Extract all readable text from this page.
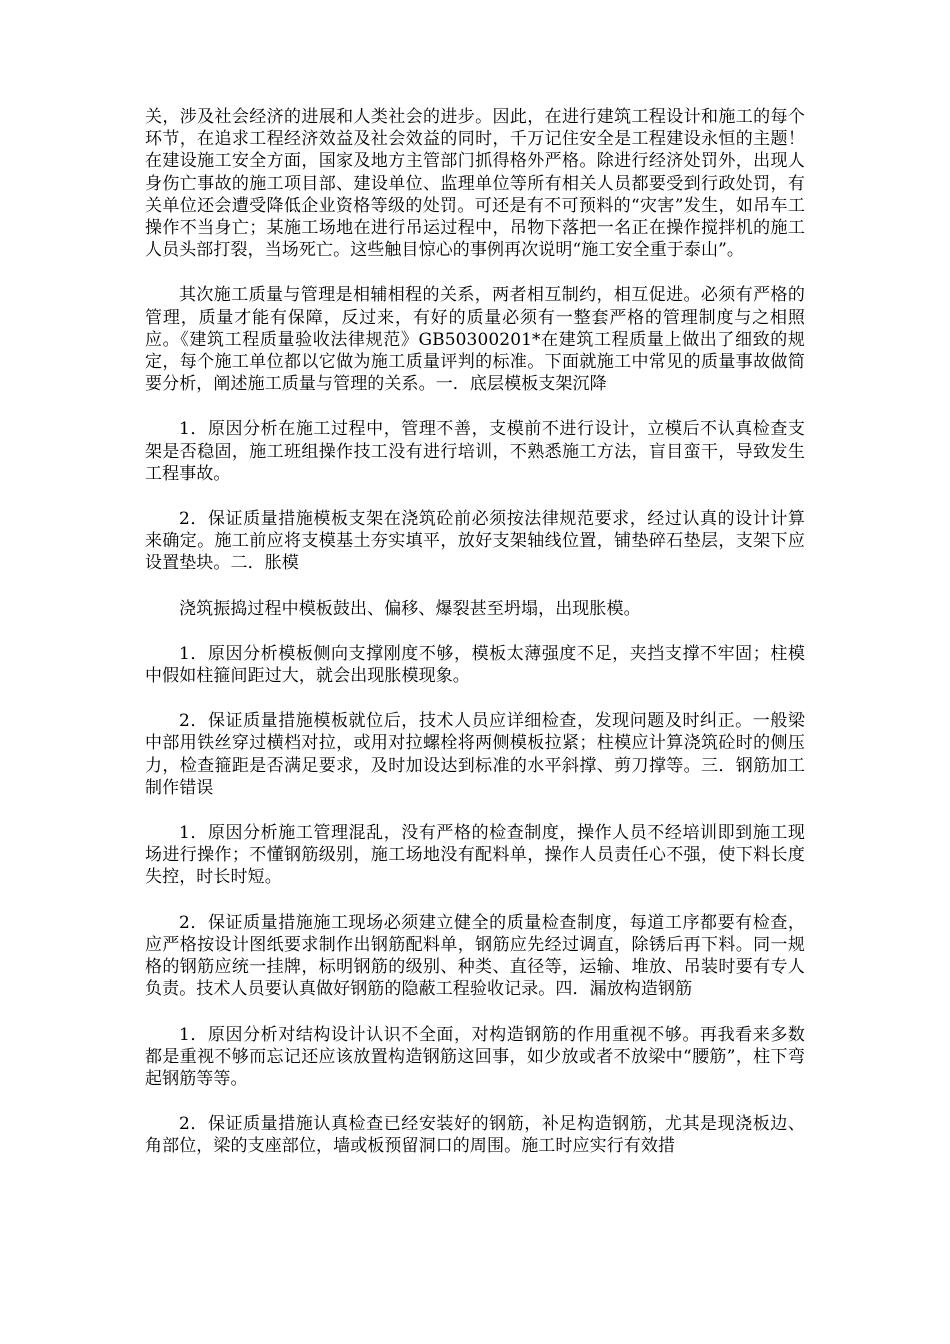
关，涉及社会经济的进展和人类社会的进步。因此，在进行建筑工程设计和施工的每个环节，在追求工程经济效益及社会效益的同时，千万记住安全是工程建设永恒的主题！在建设施工安全方面，国家及地方主管部门抓得格外严格。除进行经济处罚外，出现人身伤亡事故的施工项目部、建设单位、监理单位等所有相关人员都要受到行政处罚，有关单位还会遭受降低企业资格等级的处罚。可还是有不可预料的“灾害”发生，如吊车工操作不当身亡；某施工场地在进行吊运过程中，吊物下落把一名正在操作搅拌机的施工人员头部打裂，当场死亡。这些触目惊心的事例再次说明“施工安全重于泰山”。

其次施工质量与管理是相辅相程的关系，两者相互制约，相互促进。必须有严格的管理，质量才能有保障，反过来，有好的质量必须有一整套严格的管理制度与之相照应。《建筑工程质量验收法律规范》GB50300201*在建筑工程质量上做出了细致的规定，每个施工单位都以它做为施工质量评判的标准。下面就施工中常见的质量事故做简要分析，阐述施工质量与管理的关系。一．底层模板支架沉降

1．原因分析在施工过程中，管理不善，支模前不进行设计，立模后不认真检查支架是否稳固，施工班组操作技工没有进行培训，不熟悉施工方法，盲目蛮干，导致发生工程事故。

2．保证质量措施模板支架在浇筑砼前必须按法律规范要求，经过认真的设计计算来确定。施工前应将支模基土夯实填平，放好支架轴线位置，铺垫碎石垫层，支架下应设置垫块。二．胀模

浇筑振捣过程中模板鼓出、偏移、爆裂甚至坍塌，出现胀模。

1．原因分析模板侧向支撑刚度不够，模板太薄强度不足，夹挡支撑不牢固；柱模中假如柱箍间距过大，就会出现胀模现象。

2．保证质量措施模板就位后，技术人员应详细检查，发现问题及时纠正。一般梁中部用铁丝穿过横档对拉，或用对拉螺栓将两侧模板拉紧；柱模应计算浇筑砼时的侧压力，检查箍距是否满足要求，及时加设达到标准的水平斜撑、剪刀撑等。三．钢筋加工制作错误

1．原因分析施工管理混乱，没有严格的检查制度，操作人员不经培训即到施工现场进行操作；不懂钢筋级别，施工场地没有配料单，操作人员责任心不强，使下料长度失控，时长时短。

2．保证质量措施施工现场必须建立健全的质量检查制度，每道工序都要有检查，应严格按设计图纸要求制作出钢筋配料单，钢筋应先经过调直，除锈后再下料。同一规格的钢筋应统一挂牌，标明钢筋的级别、种类、直径等，运输、堆放、吊装时要有专人负责。技术人员要认真做好钢筋的隐蔽工程验收记录。四．漏放构造钢筋

1．原因分析对结构设计认识不全面，对构造钢筋的作用重视不够。再我看来多数都是重视不够而忘记还应该放置构造钢筋这回事，如少放或者不放梁中“腰筋”，柱下弯起钢筋等等。

2．保证质量措施认真检查已经安装好的钢筋，补足构造钢筋，尤其是现浇板边、角部位，梁的支座部位，墙或板预留洞口的周围。施工时应实行有效措
